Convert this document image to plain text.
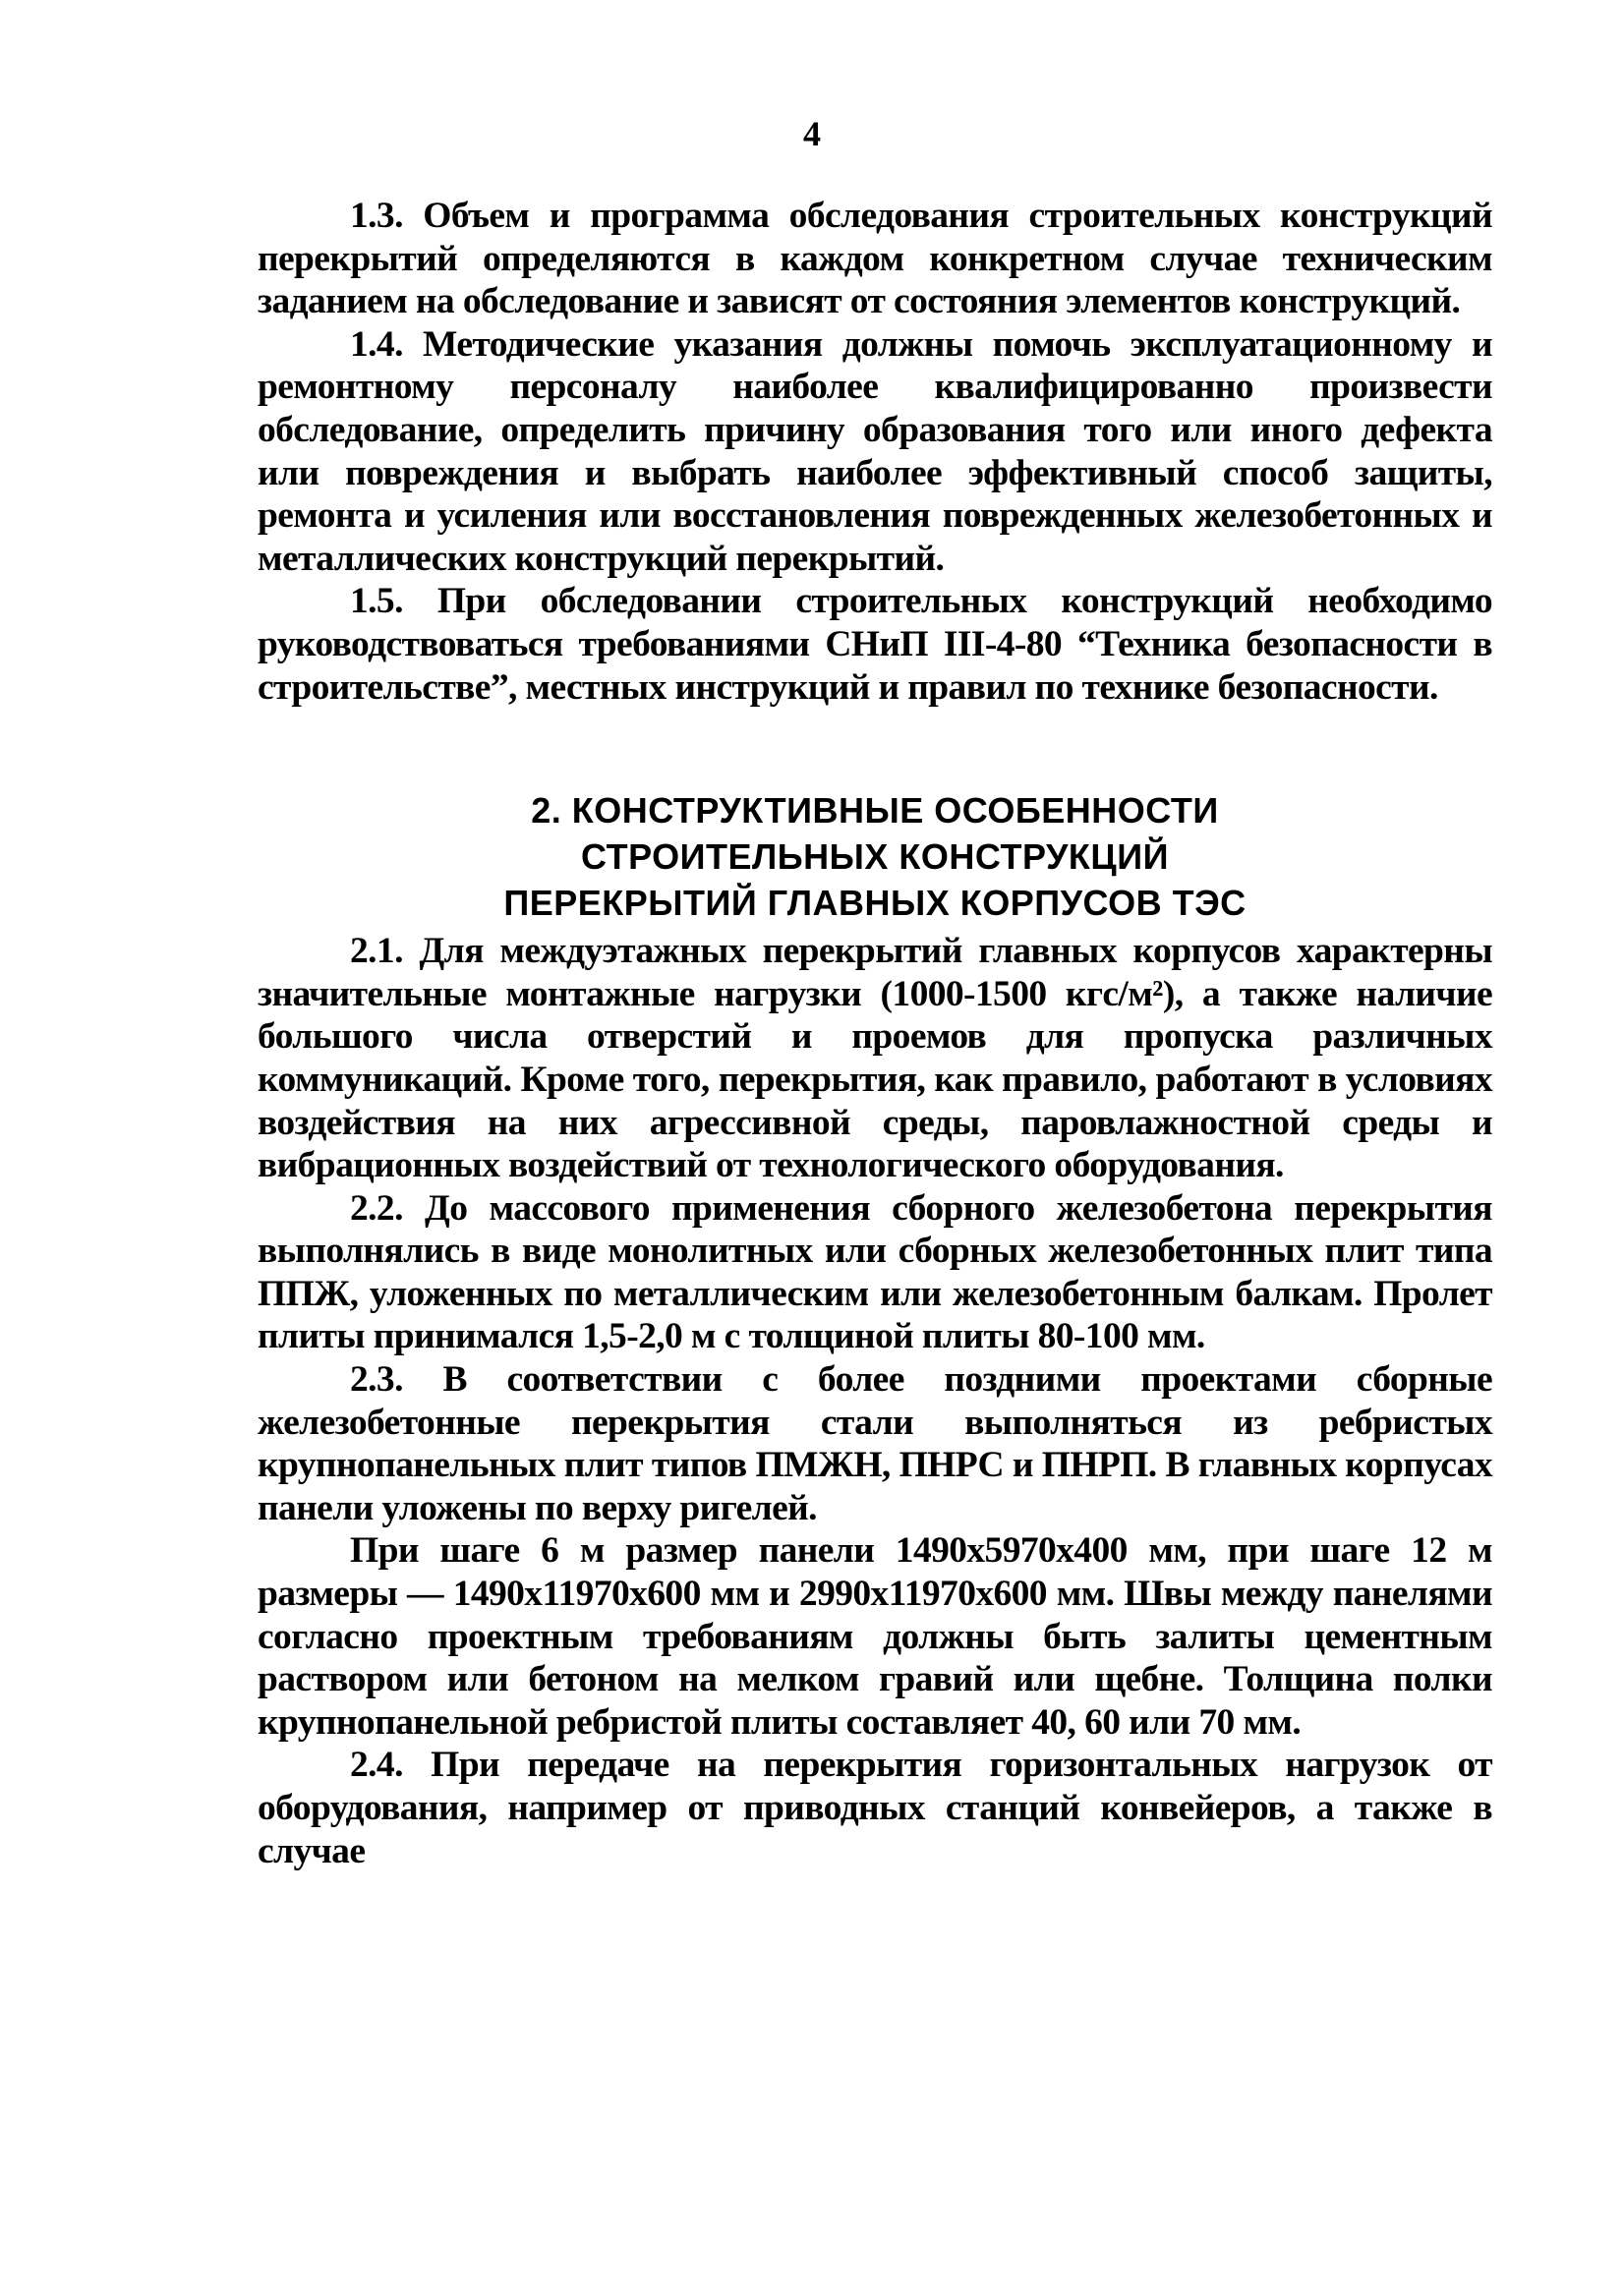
4

1.3. Объем и программа обследования строительных конструкций перекрытий определяются в каждом конкретном случае техническим заданием на обследование и зависят от состояния элементов конструкций.

1.4. Методические указания должны помочь эксплуатационному и ремонтному персоналу наиболее квалифицированно произвести обследование, определить причину образования того или иного дефекта или повреждения и выбрать наиболее эффективный способ защиты, ремонта и усиления или восстановления поврежденных железобетонных и металлических конструкций перекрытий.

1.5. При обследовании строительных конструкций необходимо руководствоваться требованиями СНиП III-4-80 “Техника безопасности в строительстве”, местных инструкций и правил по технике безопасности.

2. КОНСТРУКТИВНЫЕ ОСОБЕННОСТИ
СТРОИТЕЛЬНЫХ КОНСТРУКЦИЙ
ПЕРЕКРЫТИЙ ГЛАВНЫХ КОРПУСОВ ТЭС

2.1. Для междуэтажных перекрытий главных корпусов характерны значительные монтажные нагрузки (1000-1500 кгс/м²), а также наличие большого числа отверстий и проемов для пропуска различных коммуникаций. Кроме того, перекрытия, как правило, работают в условиях воздействия на них агрессивной среды, паровлажностной среды и вибрационных воздействий от технологического оборудования.

2.2. До массового применения сборного железобетона перекрытия выполнялись в виде монолитных или сборных железобетонных плит типа ППЖ, уложенных по металлическим или железобетонным балкам. Пролет плиты принимался 1,5-2,0 м с толщиной плиты 80-100 мм.

2.3. В соответствии с более поздними проектами сборные железобетонные перекрытия стали выполняться из ребристых крупнопанельных плит типов ПМЖН, ПНРС и ПНРП. В главных корпусах панели уложены по верху ригелей.

При шаге 6 м размер панели 1490х5970х400 мм, при шаге 12 м размеры — 1490х11970х600 мм и 2990х11970х600 мм. Швы между панелями согласно проектным требованиям должны быть залиты цементным раствором или бетоном на мелком гравий или щебне. Толщина полки крупнопанельной ребристой плиты составляет 40, 60 или 70 мм.

2.4. При передаче на перекрытия горизонтальных нагрузок от оборудования, например от приводных станций конвейеров, а также в случае
